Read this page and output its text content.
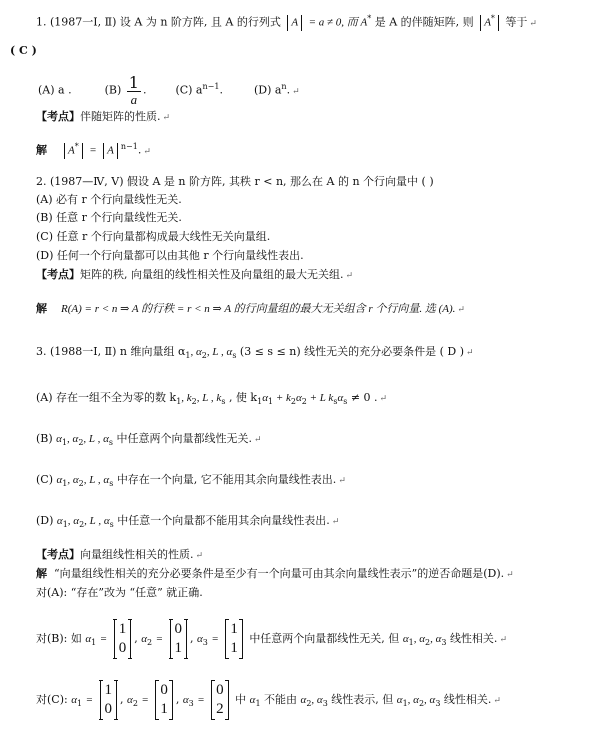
1. (1987一Ⅰ, Ⅱ) 设 A 为 n 阶方阵, 且 A 的行列式 A = a ≠ 0, 而 A* 是 A 的伴随矩阵, 则 A* 等于 ↵
( C )
(A) a .	$(B) \frac{1}{a}$ .  (C) $a^{n-1}$.	(D) $a^n$. ↵
【考点】伴随矩阵的性质. ↵
解 A* = A $^{n-1}$. ↵
2. (1987—Ⅳ, Ⅴ) 假设 A 是 n 阶方阵, 其秩 r < n, 那么在 A 的 n 个行向量中 ( )
(A) 必有 r 个行向量线性无关.
(B) 任意 r 个行向量线性无关.
(C) 任意 r 个行向量都构成最大线性无关向量组.
(D) 任何一个行向量都可以由其他 r 个行向量线性表出.
【考点】矩阵的秩, 向量组的线性相关性及向量组的最大无关组. ↵
解 R(A) = r < n ⇒ A 的行秩 = r < n ⇒ A 的行向量组的最大无关组含 r 个行向量. 选 (A). ↵
3. (1988一Ⅰ, Ⅱ) n 维向量组 $\alpha_1$, $\alpha_2$, L , $\alpha_s$ (3 ≤ s ≤ n) 线性无关的充分必要条件是 ( D ) ↵
(A) 存在一组不全为零的数 $k_1$, $k_2$, L , $k_s$ , 使 $k_1\alpha_1 + k_2\alpha_2 + L$ $k_s\alpha_s \ne 0$ . ↵
(B) $\alpha_1$, $\alpha_2$, L , $\alpha_s$ 中任意两个向量都线性无关. ↵
(C) $\alpha_1$, $\alpha_2$, L , $\alpha_s$ 中存在一个向量, 它不能用其余向量线性表出. ↵
(D) $\alpha_1$, $\alpha_2$, L , $\alpha_s$ 中任意一个向量都不能用其余向量线性表出. ↵
【考点】向量组线性相关的性质. ↵
解 “向量组线性相关的充分必要条件是至少有一个向量可由其余向量线性表示”的逆否命题是(D). ↵
对(A): “存在”改为 “任意” 就正确.
对(B): 如 $\alpha_1$ =
1
0
, $\alpha_2$ =
0
1
, $\alpha_3$ =
1
1
中任意两个向量都线性无关, 但 $\alpha_1$, $\alpha_2$, $\alpha_3$ 线性相关. ↵
对(C): $\alpha_1$ =
1
0
, $\alpha_2$ =
0
1
, $\alpha_3$ =
0
2
中 $\alpha_1$ 不能由 $\alpha_2$, $\alpha_3$ 线性表示, 但 $\alpha_1$, $\alpha_2$, $\alpha_3$ 线性相关. ↵
